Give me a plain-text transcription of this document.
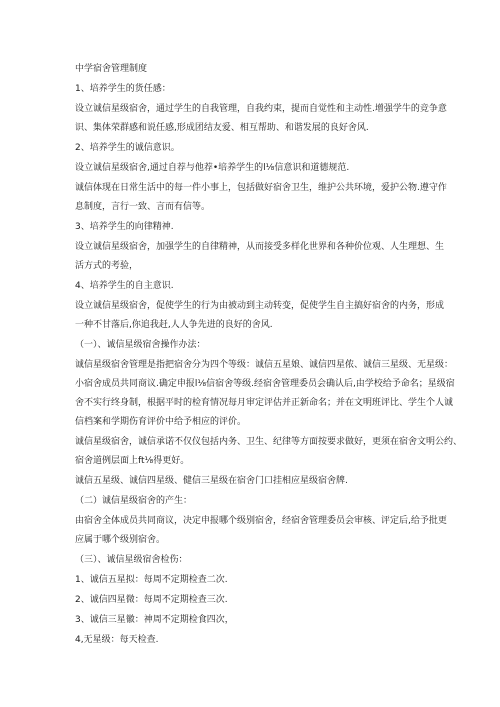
中学宿舍管理制度

1、培养学生的货任感：

设立诚信星级宿舍，通过学生的自我管理，自我约束，提而自觉性和主动性.增强学牛的竞争意

识、集体荣群感和说任感,形成团结友爱、相互帮助、和谐发展的良好舍风.

2、培养学生的诚信意识。

设立诚信星级宿舍,通过自荐与他荐•培养学生的l⅛信意识和道德规范.

诚信体现在日常生活中的每一件小事上，包括做好宿舍卫生，维护公共环境，爱护公物.遵守作

息制度，言行一致、言而有信等。

3、培养学生的向律精神.

设立诚信星级宿舍，加强学生的自律精神，从而接受多样化世界和各种价位观、人生理想、生

活方式的考验，

4、培养学生的自主意识.

设立诚信星级宿舍，促使学生的行为由被动到主动转变，促使学生自主搞好宿舍的内务，形成

一种不甘落后,你追我赶,人人争先进的良好的舍风.

（一）、诚信星级宿舍操作办法：

诚信星级宿舍管理是指把宿舍分为四个等级：诚信五星娘、诚信四星侬、诚信三星级、无星级：

小宿舍成员共同商议.确定申报l⅛信宿舍等级.经宿舍管理委员会确认后,由学校给予命名；星级宿

舍不实行终身制，根据平时的检育情况每月审定评估并正新命名；并在文明班评比、学生个人诚

信档案和学期伤育评价中给予相应的评价。

诚信星级宿舍，诚信承诺不仅仪包括内务、卫生、纪律等方面按要求做好，更须在宿舍文明公约、

宿舍道例层面上ft⅛得更好。

诚信五星级、诚信四星级、健信三星级在宿舍门口挂相应星级宿舍牌.

（二）诚信星级宿舍的产生：

由宿舍全体成员共同商议，决定申报哪个级别宿舍，经宿舍管理委员会审核、评定后,给予批更

应属于哪个级别宿舍。

（三）、诚信星级宿舍检伤：

1、诚信五星拟：每周不定期检查二次.

2、诚信四星微：每周不定期检查三次.

3、诚信三星徽：神周不定期检食四次，

4,无星级：每天检查.
